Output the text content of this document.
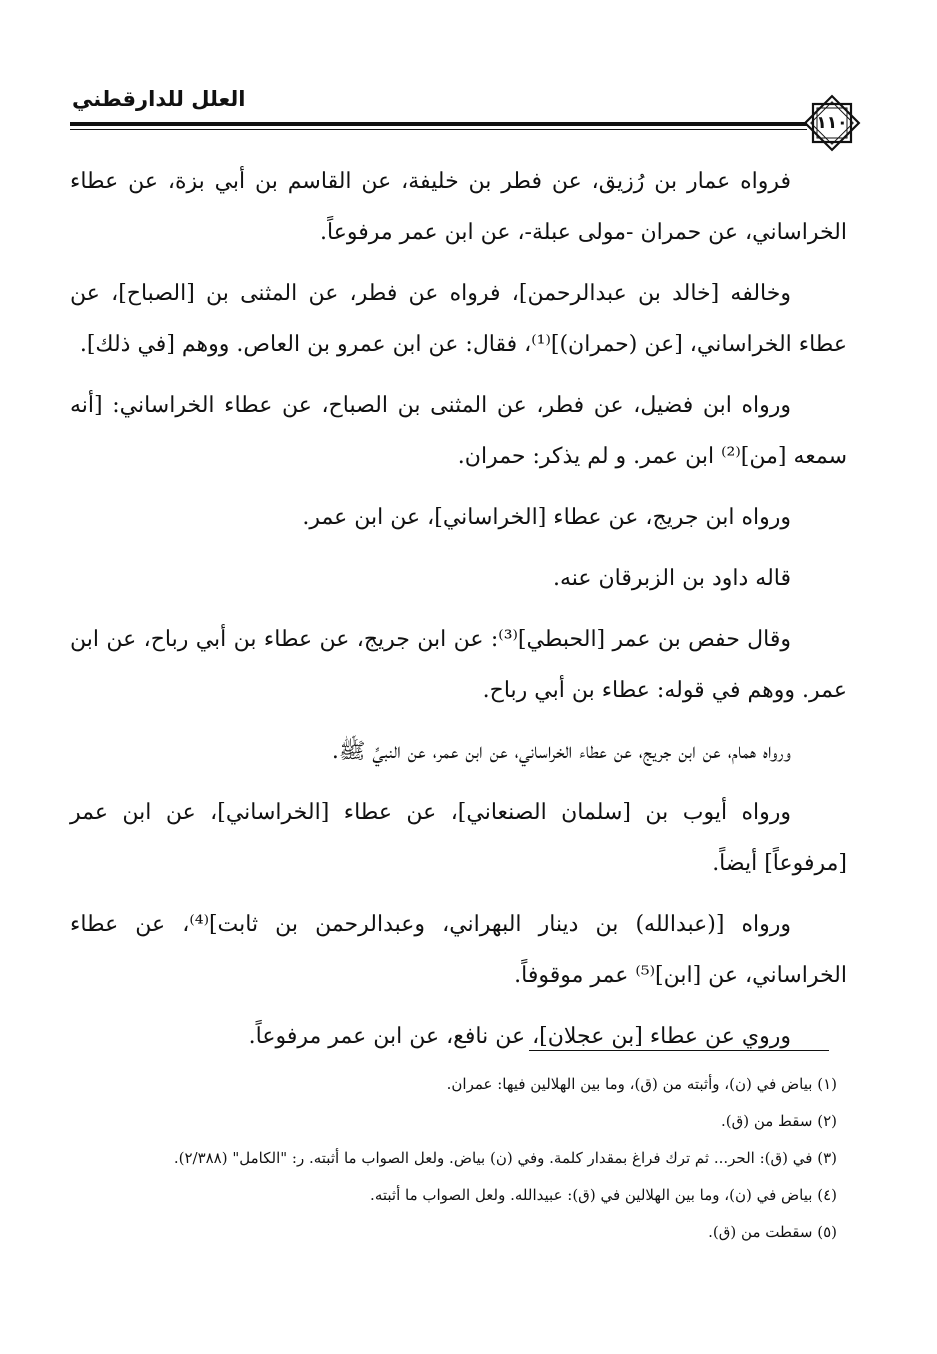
١١٠
العلل للدارقطني

فرواه عمار بن رُزيق، عن فطر بن خليفة، عن القاسم بن أبي بزة، عن عطاء الخراساني، عن حمران -مولى عبلة-، عن ابن عمر مرفوعاً.

وخالفه [خالد بن عبدالرحمن]، فرواه عن فطر، عن المثنى بن [الصباح]، عن عطاء الخراساني، [عن (حمران)]⁽¹⁾، فقال: عن ابن عمرو بن العاص. ووهم [في ذلك].

ورواه ابن فضيل، عن فطر، عن المثنى بن الصباح، عن عطاء الخراساني: [أنه سمعه [من]⁽²⁾ ابن عمر. و لم يذكر: حمران.

ورواه ابن جريج، عن عطاء [الخراساني]، عن ابن عمر.

قاله داود بن الزبرقان عنه.

وقال حفص بن عمر [الحبطي]⁽³⁾: عن ابن جريج، عن عطاء بن أبي رباح، عن ابن عمر. ووهم في قوله: عطاء بن أبي رباح.

ورواه همام، عن ابن جريج، عن عطاء الخراساني، عن ابن عمر، عن النبيِّ ﷺ.

ورواه أيوب بن [سلمان الصنعاني]، عن عطاء [الخراساني]، عن ابن عمر [مرفوعاً] أيضاً.

ورواه [(عبدالله) بن دينار البهراني، وعبدالرحمن بن ثابت]⁽⁴⁾، عن عطاء الخراساني، عن [ابن]⁽⁵⁾ عمر موقوفاً.

وروي عن عطاء [بن عجلان]، عن نافع، عن ابن عمر مرفوعاً.

(١) بياض في (ن)، وأثبته من (ق)، وما بين الهلالين فيها: عمران.
(٢) سقط من (ق).
(٣) في (ق): الحر... ثم ترك فراغ بمقدار كلمة. وفي (ن) بياض. ولعل الصواب ما أثبته. ر: "الكامل" (٢/٣٨٨).
(٤) بياض في (ن)، وما بين الهلالين في (ق): عبيدالله. ولعل الصواب ما أثبته.
(٥) سقطت من (ق).
